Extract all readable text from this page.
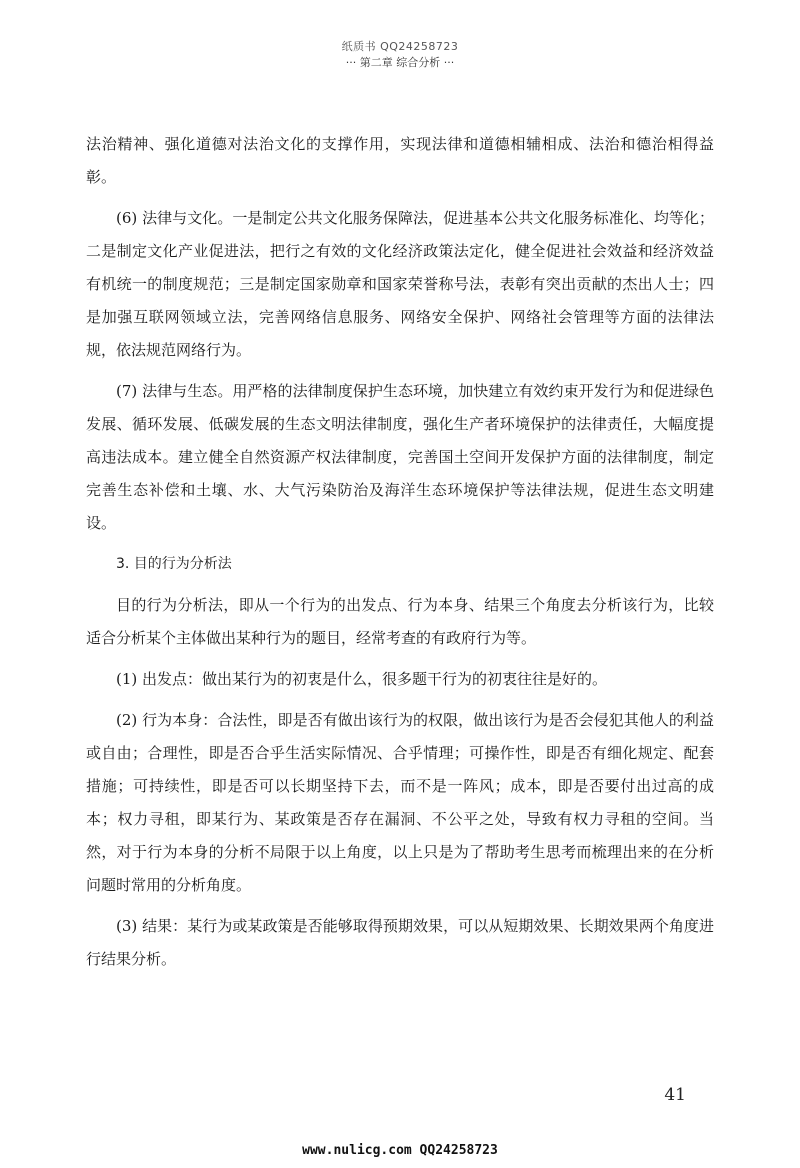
纸质书 QQ24258723
··· 第二章 综合分析 ···

法治精神、强化道德对法治文化的支撑作用，实现法律和道德相辅相成、法治和德治相得益彰。

(6) 法律与文化。一是制定公共文化服务保障法，促进基本公共文化服务标准化、均等化；二是制定文化产业促进法，把行之有效的文化经济政策法定化，健全促进社会效益和经济效益有机统一的制度规范；三是制定国家勋章和国家荣誉称号法，表彰有突出贡献的杰出人士；四是加强互联网领域立法，完善网络信息服务、网络安全保护、网络社会管理等方面的法律法规，依法规范网络行为。

(7) 法律与生态。用严格的法律制度保护生态环境，加快建立有效约束开发行为和促进绿色发展、循环发展、低碳发展的生态文明法律制度，强化生产者环境保护的法律责任，大幅度提高违法成本。建立健全自然资源产权法律制度，完善国土空间开发保护方面的法律制度，制定完善生态补偿和土壤、水、大气污染防治及海洋生态环境保护等法律法规，促进生态文明建设。

3. 目的行为分析法

目的行为分析法，即从一个行为的出发点、行为本身、结果三个角度去分析该行为，比较适合分析某个主体做出某种行为的题目，经常考查的有政府行为等。

(1) 出发点：做出某行为的初衷是什么，很多题干行为的初衷往往是好的。

(2) 行为本身：合法性，即是否有做出该行为的权限，做出该行为是否会侵犯其他人的利益或自由；合理性，即是否合乎生活实际情况、合乎情理；可操作性，即是否有细化规定、配套措施；可持续性，即是否可以长期坚持下去，而不是一阵风；成本，即是否要付出过高的成本；权力寻租，即某行为、某政策是否存在漏洞、不公平之处，导致有权力寻租的空间。当然，对于行为本身的分析不局限于以上角度，以上只是为了帮助考生思考而梳理出来的在分析问题时常用的分析角度。

(3) 结果：某行为或某政策是否能够取得预期效果，可以从短期效果、长期效果两个角度进行结果分析。

41
www.nulicg.com QQ24258723
